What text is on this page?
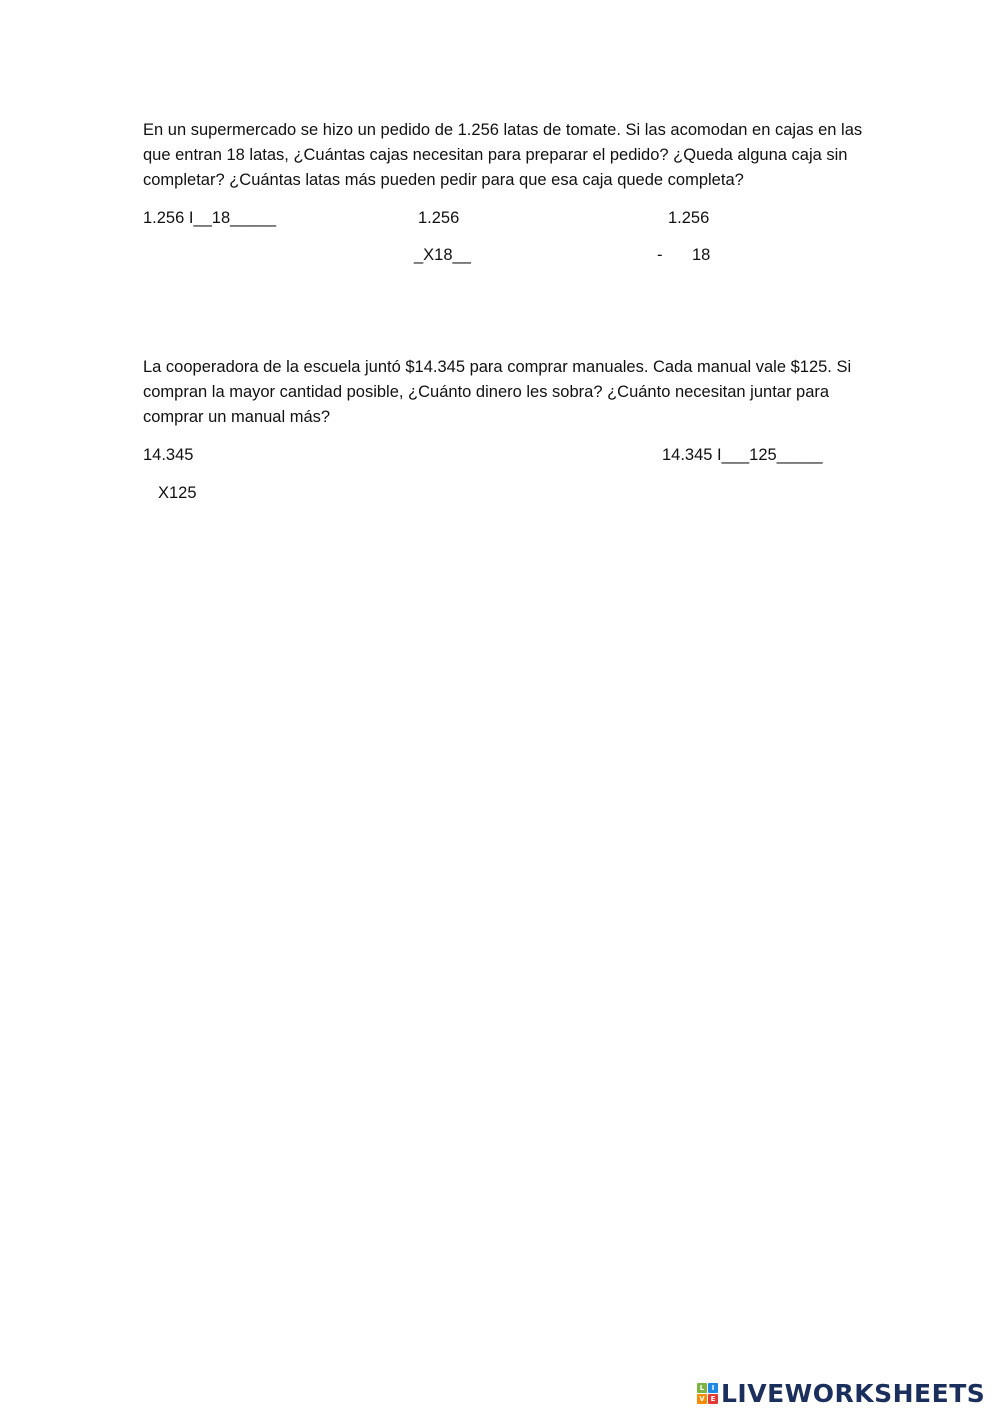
En un supermercado se hizo un pedido de 1.256 latas de tomate. Si las acomodan en cajas en las que entran 18 latas, ¿Cuántas cajas necesitan para preparar el pedido? ¿Queda alguna caja sin completar? ¿Cuántas latas más pueden pedir para que esa caja quede completa?

1.256 I__18_____	1.256
_X18__
1.256
- 18

La cooperadora de la escuela juntó $14.345 para comprar manuales. Cada manual vale $125. Si compran la mayor cantidad posible, ¿Cuánto dinero les sobra? ¿Cuánto necesitan juntar para comprar un manual más?

14.345
X125
14.345 I___125_____
L	I
V E LIVEWORKSHEETS
